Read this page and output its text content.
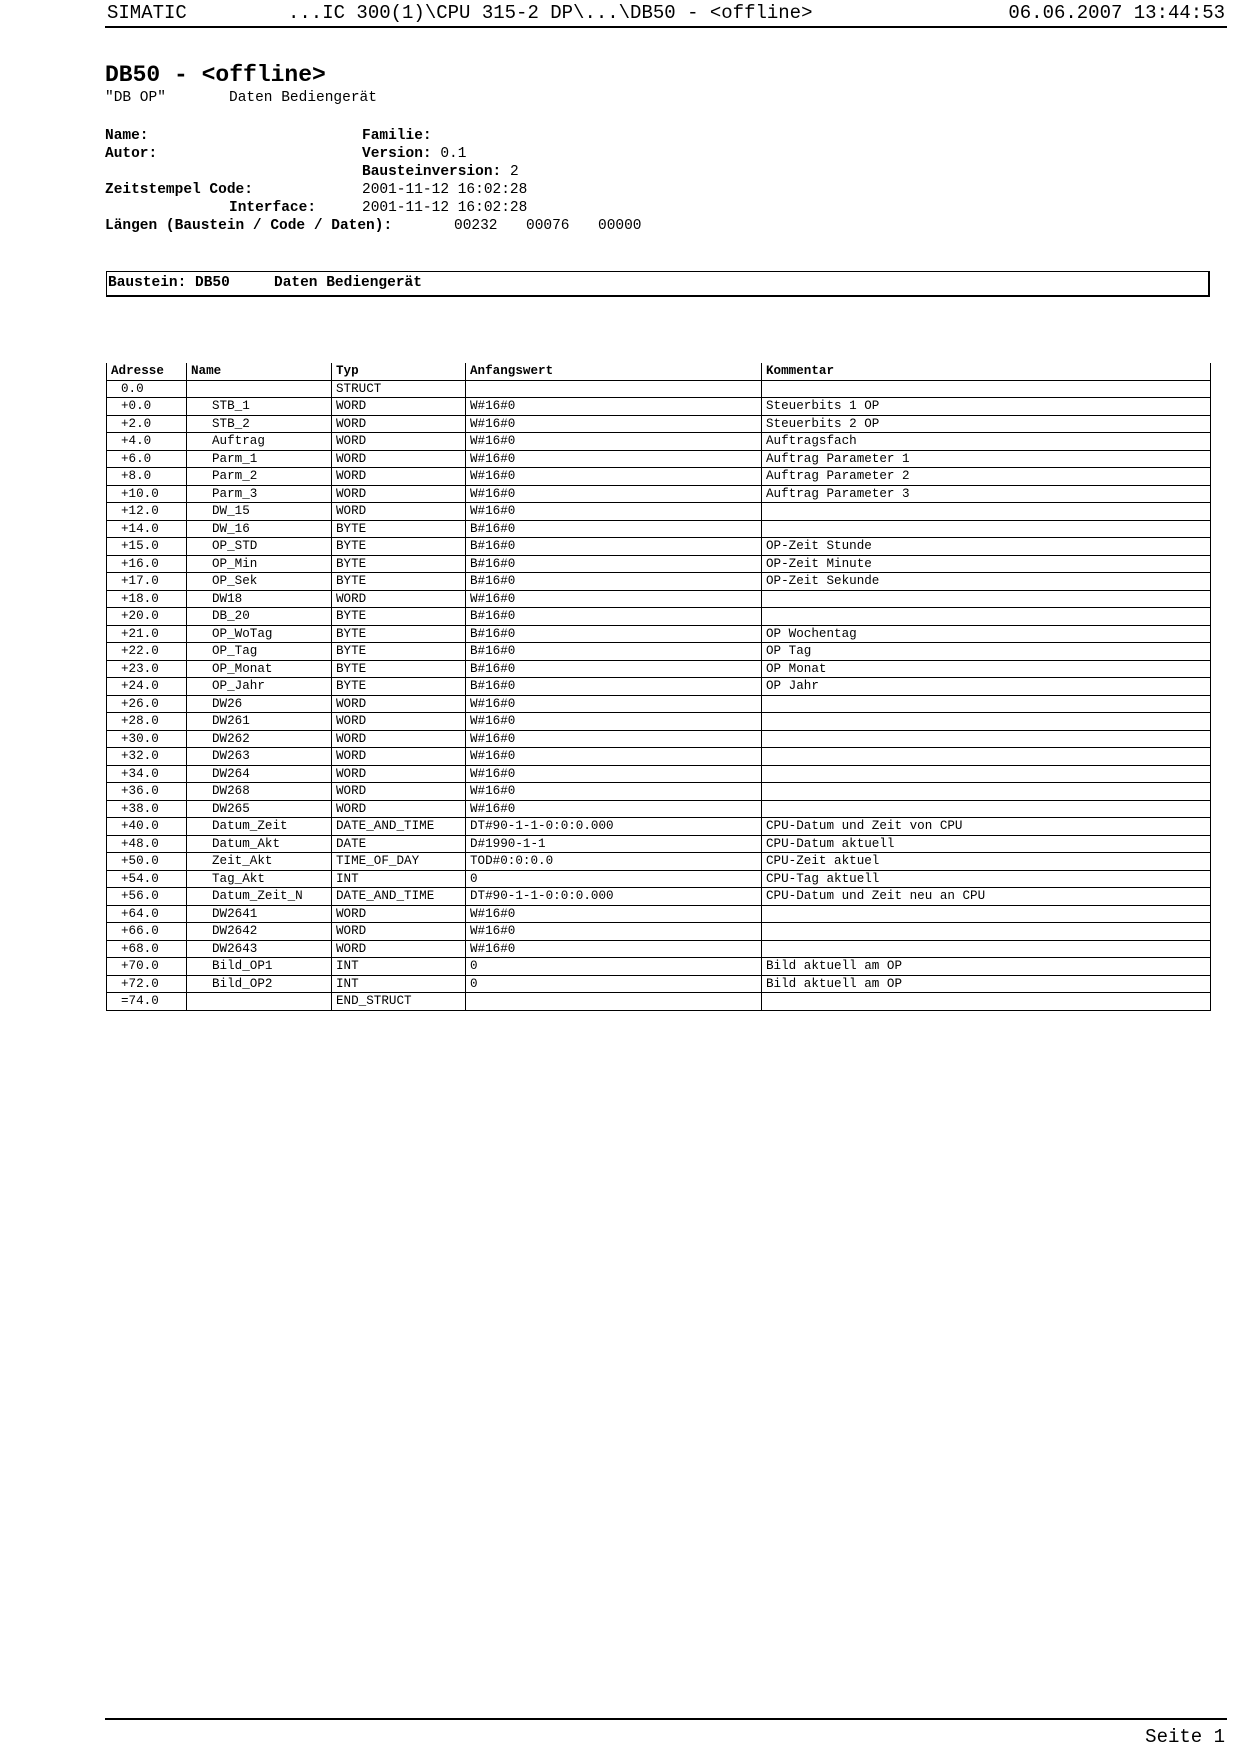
SIMATIC	...IC 300(1)\CPU 315-2 DP\...\DB50 - <offline>	06.06.2007 13:44:53
DB50 - <offline>
"DB OP"	Daten Bediengerät
Name:	Familie:
Autor:	Version: 0.1
Bausteinversion: 2
Zeitstempel Code:	2001-11-12 16:02:28
Interface:	2001-11-12 16:02:28
Längen (Baustein / Code / Daten):	00232 00076 00000
Baustein: DB50	Daten Bediengerät
Adresse	Name	Typ	Anfangswert	Kommentar
0.0		STRUCT		
+0.0	STB_1	WORD	W#16#0	Steuerbits 1 OP
+2.0	STB_2	WORD	W#16#0	Steuerbits 2 OP
+4.0	Auftrag	WORD	W#16#0	Auftragsfach
+6.0	Parm_1	WORD	W#16#0	Auftrag Parameter 1
+8.0	Parm_2	WORD	W#16#0	Auftrag Parameter 2
+10.0	Parm_3	WORD	W#16#0	Auftrag Parameter 3
+12.0	DW_15	WORD	W#16#0	
+14.0	DW_16	BYTE	B#16#0	
+15.0	OP_STD	BYTE	B#16#0	OP-Zeit Stunde
+16.0	OP_Min	BYTE	B#16#0	OP-Zeit Minute
+17.0	OP_Sek	BYTE	B#16#0	OP-Zeit Sekunde
+18.0	DW18	WORD	W#16#0	
+20.0	DB_20	BYTE	B#16#0	
+21.0	OP_WoTag	BYTE	B#16#0	OP Wochentag
+22.0	OP_Tag	BYTE	B#16#0	OP Tag
+23.0	OP_Monat	BYTE	B#16#0	OP Monat
+24.0	OP_Jahr	BYTE	B#16#0	OP Jahr
+26.0	DW26	WORD	W#16#0	
+28.0	DW261	WORD	W#16#0	
+30.0	DW262	WORD	W#16#0	
+32.0	DW263	WORD	W#16#0	
+34.0	DW264	WORD	W#16#0	
+36.0	DW268	WORD	W#16#0	
+38.0	DW265	WORD	W#16#0	
+40.0	Datum_Zeit	DATE_AND_TIME	DT#90-1-1-0:0:0.000	CPU-Datum und Zeit von CPU
+48.0	Datum_Akt	DATE	D#1990-1-1	CPU-Datum aktuell
+50.0	Zeit_Akt	TIME_OF_DAY	TOD#0:0:0.0	CPU-Zeit aktuel
+54.0	Tag_Akt	INT	0	CPU-Tag aktuell
+56.0	Datum_Zeit_N	DATE_AND_TIME	DT#90-1-1-0:0:0.000	CPU-Datum und Zeit neu an CPU
+64.0	DW2641	WORD	W#16#0	
+66.0	DW2642	WORD	W#16#0	
+68.0	DW2643	WORD	W#16#0	
+70.0	Bild_OP1	INT	0	Bild aktuell am OP
+72.0	Bild_OP2	INT	0	Bild aktuell am OP
=74.0		END_STRUCT		
Seite 1
